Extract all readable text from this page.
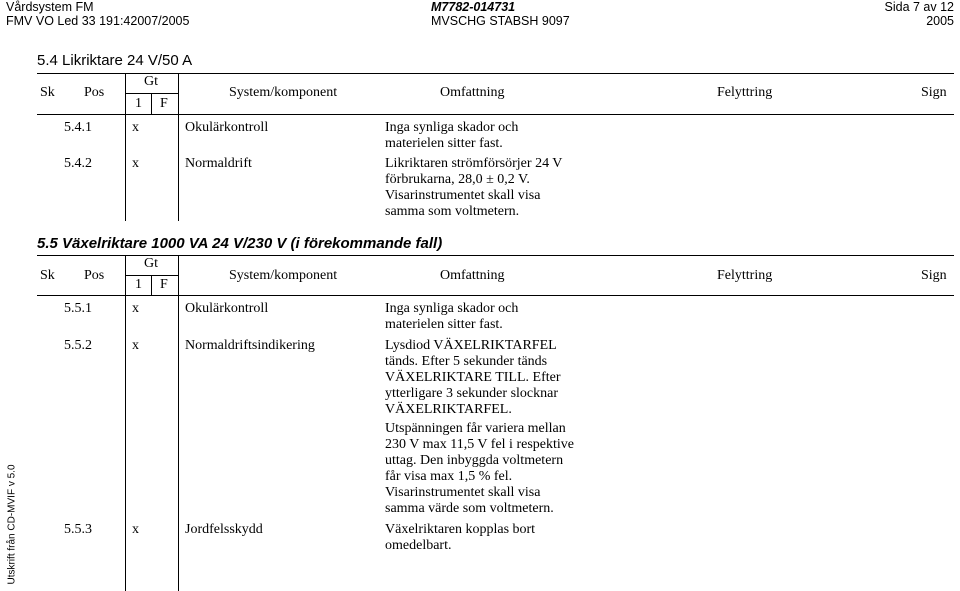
Vårdsystem FM
FMV VO Led 33 191:42007/2005
M7782-014731
MVSCHG STABSH 9097
Sida 7 av 12
2005
5.4 Likriktare 24 V/50 A
Sk Pos
Gt
1 F
System/komponent	Omfattning	Felyttring	Sign
5.4.1	x	Okulärkontroll	Inga synliga skador och
materielen sitter fast.
5.4.2	x	Normaldrift	Likriktaren strömförsörjer 24 V
förbrukarna, 28,0 ± 0,2 V.
Visarinstrumentet skall visa
samma som voltmetern.
5.5 Växelriktare 1000 VA 24 V/230 V (i förekommande fall)
Sk Pos
Gt
1 F
System/komponent	Omfattning	Felyttring	Sign
5.5.1	x	Okulärkontroll	Inga synliga skador och
materielen sitter fast.
5.5.2	x	Normaldriftsindikering	Lysdiod VÄXELRIKTARFEL
tänds. Efter 5 sekunder tänds
VÄXELRIKTARE TILL. Efter
ytterligare 3 sekunder slocknar
VÄXELRIKTARFEL.
Utspänningen får variera mellan
230 V max 11,5 V fel i respektive
uttag. Den inbyggda voltmetern
får visa max 1,5 % fel.
Visarinstrumentet skall visa
samma värde som voltmetern.
5.5.3	x	Jordfelsskydd	Växelriktaren kopplas bort
omedelbart.
Utskrift från CD-MVIF v 5.0
